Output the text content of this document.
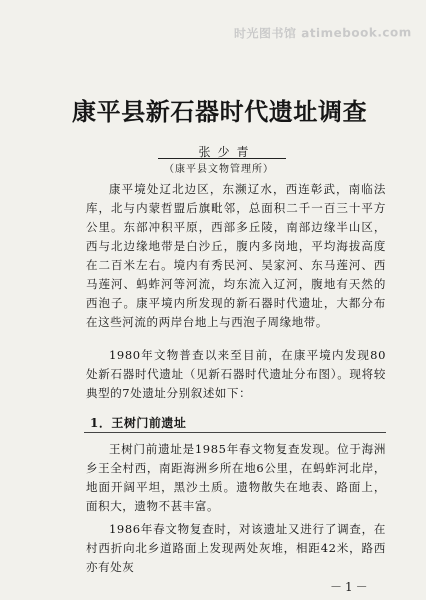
时光图书馆 atimebook.com
康平县新石器时代遗址调查
张少青
（康平县文物管理所）

康平境处辽北边区，东濒辽水，西连彰武，南临法库，北与内蒙哲盟后旗毗邻，总面积二千一百三十平方公里。东部冲积平原，西部多丘陵，南部边缘半山区，西与北边缘地带是白沙丘，腹内多岗地，平均海拔高度在二百米左右。境内有秀民河、吴家河、东马莲河、西马莲河、蚂蚱河等河流，均东流入辽河，腹地有天然的西泡子。康平境内所发现的新石器时代遗址，大都分布在这些河流的两岸台地上与西泡子周缘地带。

1980年文物普查以来至目前，在康平境内发现80处新石器时代遗址（见新石器时代遗址分布图）。现将较典型的7处遗址分别叙述如下：

1．王树门前遗址

王树门前遗址是1985年春文物复查发现。位于海洲乡王全村西，南距海洲乡所在地6公里，在蚂蚱河北岸，地面开阔平坦，黑沙土质。遗物散失在地表、路面上，面积大，遗物不甚丰富。

1986年春文物复查时，对该遗址又进行了调查，在村西折向北乡道路面上发现两处灰堆，相距42米，路西亦有处灰

－1－
